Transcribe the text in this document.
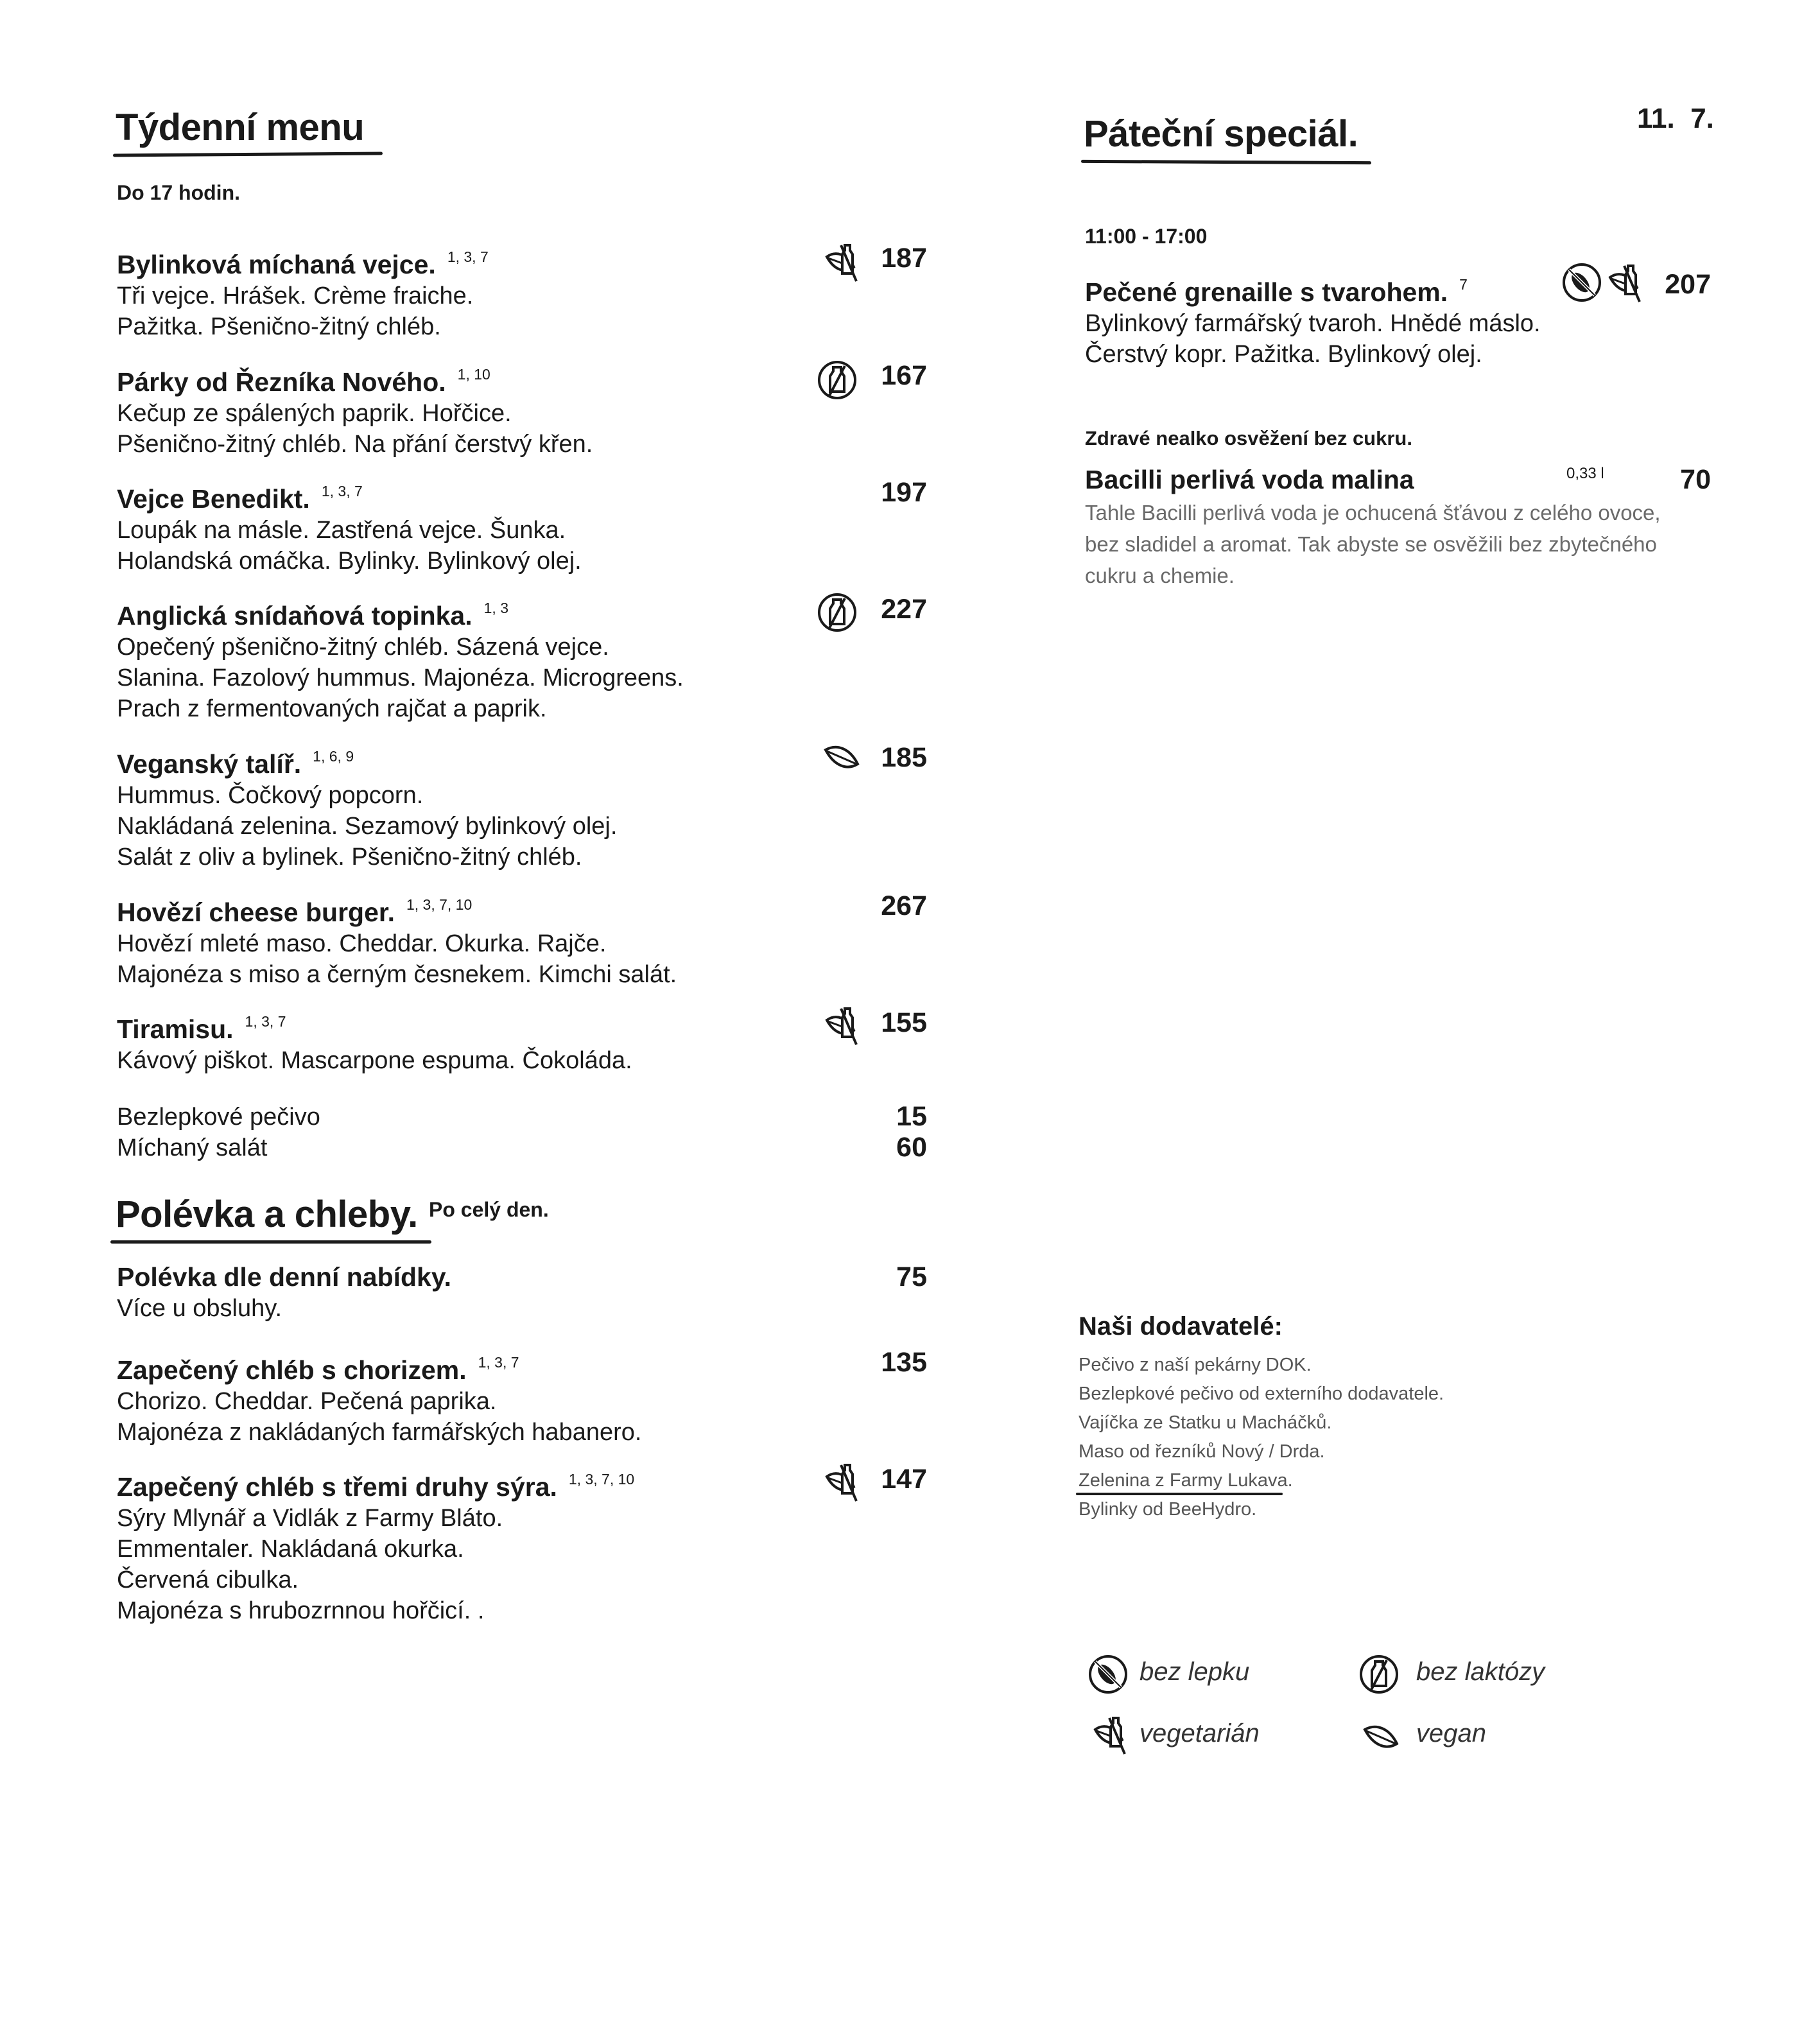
Týdenní menu
Do 17 hodin.
Bylinková míchaná vejce. $^{1, 3, 7}$
Tři vejce. Hrášek. Crème fraiche.
Pažitka. Pšenično-žitný chléb.
187
Párky od Řezníka Nového. $^{1, 10}$
Kečup ze spálených paprik. Hořčice.
Pšenično-žitný chléb. Na přání čerstvý křen.
167
Vejce Benedikt. $^{1, 3, 7}$
Loupák na másle. Zastřená vejce. Šunka.
Holandská omáčka. Bylinky. Bylinkový olej.
197
Anglická snídaňová topinka. $^{1, 3}$
Opečený pšenično-žitný chléb. Sázená vejce.
Slanina. Fazolový hummus. Majonéza. Microgreens.
Prach z fermentovaných rajčat a paprik.
227
Veganský talíř. $^{1, 6, 9}$
Hummus. Čočkový popcorn.
Nakládaná zelenina. Sezamový bylinkový olej.
Salát z oliv a bylinek. Pšenično-žitný chléb.
185
Hovězí cheese burger. $^{1, 3, 7, 10}$
Hovězí mleté maso. Cheddar. Okurka. Rajče.
Majonéza s miso a černým česnekem. Kimchi salát.
267
Tiramisu. $^{1, 3, 7}$
Kávový piškot. Mascarpone espuma. Čokoláda.
155
Bezlepkové pečivo	15
Míchaný salát	60
Polévka a chleby. Po celý den.
Polévka dle denní nabídky.
Více u obsluhy.
75
Zapečený chléb s chorizem. $^{1, 3, 7}$
Chorizo. Cheddar. Pečená paprika.
Majonéza z nakládaných farmářských habanero.
135
Zapečený chléb s třemi druhy sýra. $^{1, 3, 7, 10}$
Sýry Mlynář a Vidlák z Farmy Bláto.
Emmentaler. Nakládaná okurka.
Červená cibulka.
Majonéza s hrubozrnnou hořčicí. .
147
Páteční speciál.	11.  7.
11:00 - 17:00
Pečené grenaille s tvarohem. $^7$
Bylinkový farmářský tvaroh. Hnědé máslo.
Čerstvý kopr. Pažitka. Bylinkový olej.
207
Zdravé nealko osvěžení bez cukru.
Bacilli perlivá voda malina	0,33 l	70
Tahle Bacilli perlivá voda je ochucená šťávou z celého ovoce,
bez sladidel a aromat. Tak abyste se osvěžili bez zbytečného
cukru a chemie.
Naši dodavatelé:
Pečivo z naší pekárny DOK.
Bezlepkové pečivo od externího dodavatele.
Vajíčka ze Statku u Macháčků.
Maso od řezníků Nový / Drda.
Zelenina z Farmy Lukava.
Bylinky od BeeHydro.
bez lepku	bez laktózy
vegetarián	vegan
